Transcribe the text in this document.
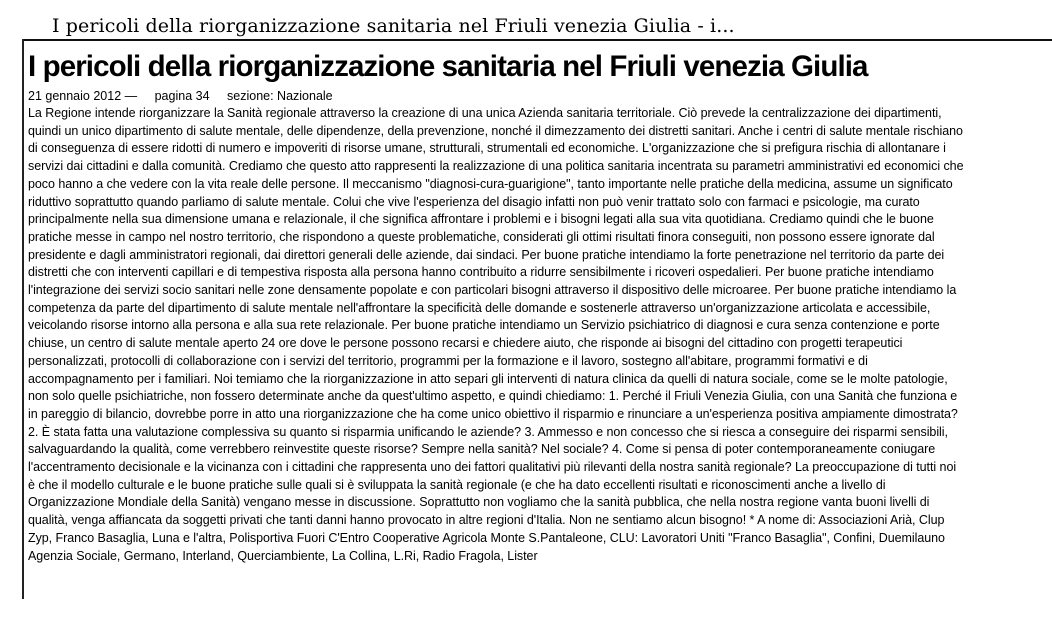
I pericoli della riorganizzazione sanitaria nel Friuli venezia Giulia - i...
I pericoli della riorganizzazione sanitaria nel Friuli venezia Giulia
21 gennaio 2012 — pagina 34 sezione: Nazionale
La Regione intende riorganizzare la Sanità regionale attraverso la creazione di una unica Azienda sanitaria territoriale. Ciò prevede la centralizzazione dei dipartimenti,
quindi un unico dipartimento di salute mentale, delle dipendenze, della prevenzione, nonché il dimezzamento dei distretti sanitari. Anche i centri di salute mentale rischiano
di conseguenza di essere ridotti di numero e impoveriti di risorse umane, strutturali, strumentali ed economiche. L'organizzazione che si prefigura rischia di allontanare i
servizi dai cittadini e dalla comunità. Crediamo che questo atto rappresenti la realizzazione di una politica sanitaria incentrata su parametri amministrativi ed economici che
poco hanno a che vedere con la vita reale delle persone. Il meccanismo "diagnosi-cura-guarigione", tanto importante nelle pratiche della medicina, assume un significato
riduttivo soprattutto quando parliamo di salute mentale. Colui che vive l'esperienza del disagio infatti non può venir trattato solo con farmaci e psicologie, ma curato
principalmente nella sua dimensione umana e relazionale, il che significa affrontare i problemi e i bisogni legati alla sua vita quotidiana. Crediamo quindi che le buone
pratiche messe in campo nel nostro territorio, che rispondono a queste problematiche, considerati gli ottimi risultati finora conseguiti, non possono essere ignorate dal
presidente e dagli amministratori regionali, dai direttori generali delle aziende, dai sindaci. Per buone pratiche intendiamo la forte penetrazione nel territorio da parte dei
distretti che con interventi capillari e di tempestiva risposta alla persona hanno contribuito a ridurre sensibilmente i ricoveri ospedalieri. Per buone pratiche intendiamo
l'integrazione dei servizi socio sanitari nelle zone densamente popolate e con particolari bisogni attraverso il dispositivo delle microaree. Per buone pratiche intendiamo la
competenza da parte del dipartimento di salute mentale nell'affrontare la specificità delle domande e sostenerle attraverso un'organizzazione articolata e accessibile,
veicolando risorse intorno alla persona e alla sua rete relazionale. Per buone pratiche intendiamo un Servizio psichiatrico di diagnosi e cura senza contenzione e porte
chiuse, un centro di salute mentale aperto 24 ore dove le persone possono recarsi e chiedere aiuto, che risponde ai bisogni del cittadino con progetti terapeutici
personalizzati, protocolli di collaborazione con i servizi del territorio, programmi per la formazione e il lavoro, sostegno all'abitare, programmi formativi e di
accompagnamento per i familiari. Noi temiamo che la riorganizzazione in atto separi gli interventi di natura clinica da quelli di natura sociale, come se le molte patologie,
non solo quelle psichiatriche, non fossero determinate anche da quest'ultimo aspetto, e quindi chiediamo: 1. Perché il Friuli Venezia Giulia, con una Sanità che funziona e
in pareggio di bilancio, dovrebbe porre in atto una riorganizzazione che ha come unico obiettivo il risparmio e rinunciare a un'esperienza positiva ampiamente dimostrata?
2. È stata fatta una valutazione complessiva su quanto si risparmia unificando le aziende? 3. Ammesso e non concesso che si riesca a conseguire dei risparmi sensibili,
salvaguardando la qualità, come verrebbero reinvestite queste risorse? Sempre nella sanità? Nel sociale? 4. Come si pensa di poter contemporaneamente coniugare
l'accentramento decisionale e la vicinanza con i cittadini che rappresenta uno dei fattori qualitativi più rilevanti della nostra sanità regionale? La preoccupazione di tutti noi
è che il modello culturale e le buone pratiche sulle quali si è sviluppata la sanità regionale (e che ha dato eccellenti risultati e riconoscimenti anche a livello di
Organizzazione Mondiale della Sanità) vengano messe in discussione. Soprattutto non vogliamo che la sanità pubblica, che nella nostra regione vanta buoni livelli di
qualità, venga affiancata da soggetti privati che tanti danni hanno provocato in altre regioni d'Italia. Non ne sentiamo alcun bisogno! * A nome di: Associazioni Arià, Clup
Zyp, Franco Basaglia, Luna e l'altra, Polisportiva Fuori C'Entro Cooperative Agricola Monte S.Pantaleone, CLU: Lavoratori Uniti "Franco Basaglia", Confini, Duemilauno
Agenzia Sociale, Germano, Interland, Querciambiente, La Collina, L.Ri, Radio Fragola, Lister
